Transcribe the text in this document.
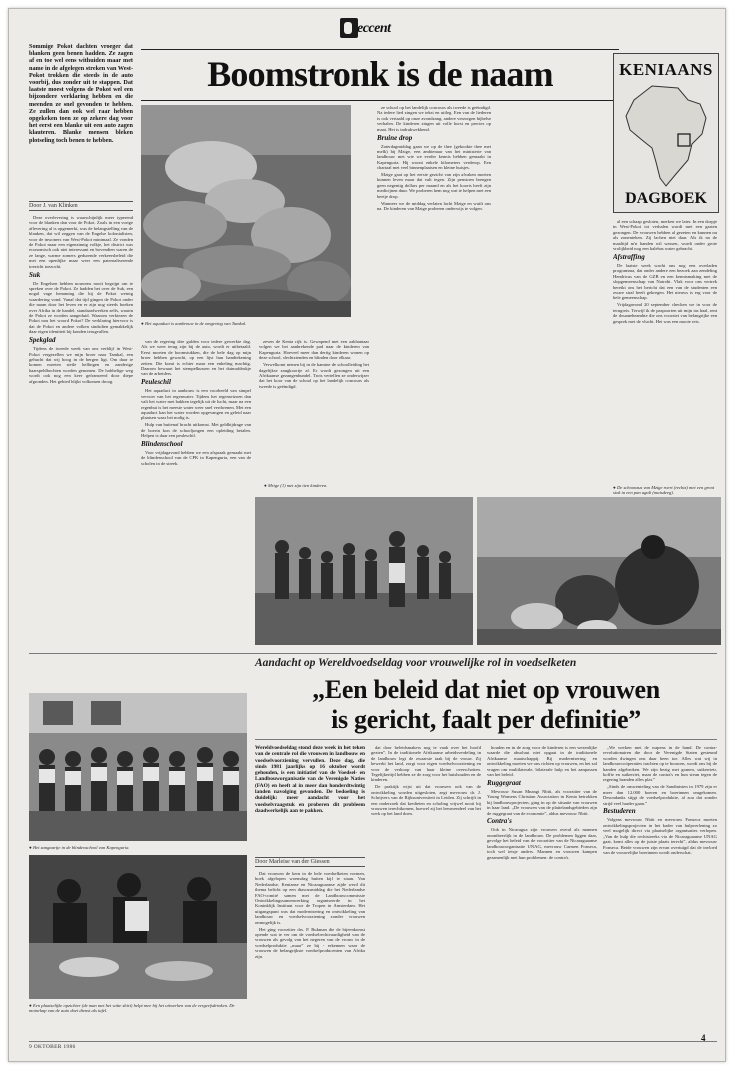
eccent
Sommige Pokot dachten vroeger dat blanken geen benen hadden. Ze zagen af en toe wel eens withuiden maar met name in de afgelegen streken van West-Pokot trokken die steeds in de auto voorbij, dus zonder uit te stappen. Dat laatste moest volgens de Pokot wel een bijzondere verklaring hebben en die meenden ze snel gevonden te hebben. Ze zullen dan ook wel raar hebben opgekeken toen ze op zekere dag voor het eerst een blanke uit een auto zagen klauteren. Blanke mensen bleken plotseling toch benen te hebben.
Door J. van Klinken

Deze overlevering is waarschijnlijk meer typerend voor de blanken dan voor de Pokot. Zoals in een vorige aflevering al is opgemerkt, was de belangstelling van de blanken, dat wil zeggen van de Engelse kolonialisten, voor de inwoners van West-Pokot minimaal. Ze vonden de Pokot maar een eigenzinnig volkje, het district was economisch ook niet interessant en bovendien waren de ze lange, warme zomers gedurende verkeersbeleid die met een openlijke maar weer een paternaliserende toezicht toezocht.

Suk

De Engelsen hebben nouwens nooit begrijpt om te spreken over de Pokot. Ze hadden het over de Suk, een nogal vage benaming die bij de Pokot weinig waardering vond. Vanaf dat tijd gingen de Pokot onder die naam door het leven en er zijn nog steeds boeken over Afrika in de handel, standaardwerken zelfs, waarin de Pokot ze worden aangeduid. Waarom verkiezen de Pokot nou het woord Pokot? De verklaring hiervoor is dat de Pokot en andere volken sindsdien gemakkelijk daar eigen identiteit bij konden terugvallen.

Spekglad

Tijdens de tweede week van ons verblijf in West-Pokot vergezellen we mijn broer naar Tamkal, een gehucht dat wij hoog in de bergen ligt. Om daar te komen moeten steile hellingen en zanderige haarspeldbochten worden genomen. De hobbelige weg wordt ook nog een keer gefranseerd door diepe afgronden. Het gebied blijkt volkomen droog.

Boomstronk is de naam
● Het aquaduct is aanbrouw in de omgeving van Tamkal.

van de regering drie gulden voor iedere gewerkte dag. Als we weer terug zijn bij de auto, wordt er uitbetaald. Eerst moeten de boomstukken, die de hele dag op mijn broer hebben gewacht, op een lijst hun handtekening zetten. Die komt is echter maar een enkeling machtig. Daarom bewaart het stempelkussen en het duimafdrukje van de arbeiders.

Peuleschil

Het aquaduct in aanbouw is een voorbeeld van simpel vervoer van het regenwater. Tijdens het regenseizoen dan valt het water met bakken tegelijk uit de lucht, maar na een regenbui is het meeste water weer snel verdwenen. Met een aquaduct kan het water worden opgevangen en geleid naar plaatsen waar het nodig is.

Hulp van buitenaf bracht uitkomst. Met geldbijdrage van de boerin kon de schooljongen een opleiding betalen. Helpen is daar een peuleschil.

Blindenschool

Voor vrijdagavond hebben we een afspraak gemaakt met de blindenschool van de CPK in Kapenguria, een van de scholen in de streek.

zeven de Kenia rijk is. Gewapend met een zakhantaar volgen we het aanbrekende pad naar de kinderen van Kapenguria. Hoeveel meer dan dertig kinderen wonen op deze school, slechtzienden en blinden door elkaar.

Verwelkomt nemen bij in de kamine de schoolleiding het dagelijkse zangkoortje af. Er wordt gezongen uit een Afrikaanse gezangenbundel. Trots vertellen ze onderwijzer dat het koor van de school op het landelijk concours als tweede is geëindigd.

● Mrige (1) met zijn tien kinderen.

ze school op het landelijk concours als tweede is geëindigd. Na iedere lied zingen we tekst en uitleg. Een van de liederen is ook vertaald op onze avondzang, andere verzorgen bijbelse verhalen. De kinderen zingen uit volle borst en precies op maat. Het is indrukwekkend.

Bruine drop

Zaterdagmiddag gaan we op de thee (gekookte thee met melk) bij Mzige, een ambtenaar van het ministerie van landbouw met wie we eerder kennis hebben gemaakt in Kapenguria. Hij woont enkele kilometers verderop. Een chartaal met veel binnenplaatsen en kleine huisjes.

Mzige gaat op het eerste gezicht van zijn afvaken moeten kunnen leven maar dat valt tegen. Zijn pensioen brengen geen negentig dollars per maand en als het koorts heeft zijn medicijnen duur. We proberen hem nog wat te helpen met een beetje drop.

Wanneer we de middag verlaten lacht Mzige en wuift ons na. De kinderen van Mzige proberen onderwijs te volgen.

KENIAANS
DAGBOEK

al een schaap gesloten, merken we later. In een dorpje in West-Pokot tot verhalen wordt met een gasten gezongen. De vrouwen hebben al gezeten en kunnen nu als zonenteken. Zij lachen niet daar. Als ik na de maaltijd m'n handen wil wassen, wordt onder grote vrolijkheid nog een kalebas water gebracht.

Afstraffing

De laatste week wacht ons nog een overladen programma, dat onder andere een bezoek aan zendeling Hendricus van de GZB en een kennismaking met de slopgemeenschap van Nairobi. Vlak voor ons vertrek bereikt ons het bericht dat een van de studenten een zware straf heeft gekregen. Het nieuws is erg voor de hele gemeenschap.

Vrijdagavond 20 september checken we in voor de terugreis. Terwijl ik de paspoorten uit mijn tas haal, rent de douanebeambte die ons voorziet van belangrijke een gesprek met de vlucht. Het was een mooie reis.

● De schoonzus van Mzige roert (rechts) met een groot stok in een pan ugali (maisdeeg).
Aandacht op Wereldvoedseldag voor vrouwelijke rol in voedselketen
„Een beleid dat niet op vrouwen
is gericht, faalt per definitie”
● Het zangaartje in de blindenschool van Kapenguria.
● Een plaatselijke opzichter (de man met het witte shirt) helpt mee bij het uitwerken van de vergeefsdrinken. De motorkap van de auto doet dienst als tafel.
Wereldvoedseldag stond deze week in het teken van de centrale rol die vrouwen in landbouw en voedselvoorziening vervullen. Deze dag, die sinds 1981 jaarlijks op 16 oktober wordt gehouden, is een initiatief van de Voedsel- en Landbouworganisatie van de Verenigde Naties (FAO) en heeft al in meer dan honderdtwintig landen navolging gevonden. De bedoeling is duidelijk: meer aandacht voor het voedselvraagstuk en proberen dit probleem daadwerkelijk aan te pakken.
Door Marleise van der Giessen

Dat vrouwen de kern in de hele voedselketen vormen, hoek afgelopen woensdag buiten kijf te staan. Van Nederlandse, Kenianse en Nicaraguaanse zijde werd dit thema belicht op een diascusmiddag die het Nederlandse FAO-comité samen met de Landbouwcommissie Ontwikkelingssamenwerking organiseerde in het Koninklijk Instituut voor de Tropen in Amsterdam. Het uitgangspunt was dat modernisering en ontwikkeling van landbouw en voedselvoorziening zonder vrouwen onmogelijk is.

Het ging voorzitter drs. P. Bukman die de bijeenkomst opende wat te ver om de voedselrechtvaardigheid van de vrouwen als gevolg van het negeren van de vrouw in de voedselproduktie „maar” ze bij - erkennen waar de vrouwen de belangrijkste voedselproducenten van Afrika zijn.

dat door beleidsmakers nog te vaak over het hoofd gezien”. In de traditionele Afrikaanse arbeidsverdeling in de landbouw legt de zwaarste taak bij de vrouw. Zij bewerkt het land, zorgt voor eigen voedselvoorziening en voor de verkoop van haar kleine overschotten. Tegelijkertijd hebben ze de zorg voor het huishouden en de kinderen.

De praktijk wijst uit dat vrouwen ook van de ontwikkeling worden uitgesloten, zegt mevrouw dr. J. Schrijvers van de Rijksuniversiteit in Leiden. Zij schrijft in een onderzoek dat kredieten en scholing vrijwel nooit bij vrouwen terechtkomen, hoewel zij het leeuwendeel van het werk op het land doen.

houden en in de zorg voor de kinderen is een wezenlijke waarde die absoluut niet opgaat in de traditionele Afrikaanse maatschappij. Bij modernisering en ontwikkeling moeten we ons richten op vrouwen, en het zal vragen om multilaterale, bilaterale hulp en het aanpassen van het beleid.

Ruggegraat

Mevrouw Susan Mnangi Nbiti, als voorzitter van de Young Womens Christian Association in Kenia betrokken bij landbouwprojecten, ging in op de situatie van vrouwen in haar land. „De vrouwen van de plattelandsgebieden zijn de ruggegraat van de economie”, aldus mevrouw Nbiti.

Contra's

Ook in Nicaragua zijn vrouwen overal als mannen onontbeerlijk in de landbouw. De problemen liggen daar, gevolge het beleid van de voorzitter van de Nicaraguaanse landbouworganisatie UNAG, mevrouw Carmen Fonseca, toch wel ietsje anders. Mannen en vrouwen kampen gezamenlijk met hun problemen: de contra's.

„We werken met de wapens in de hand. De contra-revolutionairen die door de Verenigde Staten gesteund worden dwingen ons daar heen toe. Alles wat wij in landbouwcoöperaties trachten op te bouwen, wordt ons bij de handen afgebroken. We zijn bezig met granen, suikerrietr, koffie en suikerriet, maar de contra's en hun steun tegen de regering branden alles plat.”

„Sinds de omwenteling van de Sandinisten in 1979 zijn er meer dan 12.000 boeren en boerinnen omgekomen. Desondanks stijgt de voedselproduktie, al zou dat zonder strijd veel harder gaan.”

Bestuderen

Volgens mevrouw Nbiti en mevrouw Fonseca moeten ontwikkelingsprojecten in het kader van hulpverlening zo veel mogelijk direct via plaatselijke organisaties verlopen. „Van de hulp die rechtstreeks via de Nicaraguaanse UNAG gaat, komt alles op de juiste plaats terecht”, aldus mevrouw Fonseca. Beide vrouwen zijn ervan overtuigd dat de invloed van de vrouwelijke boerinnen wordt onderschat.

9 OKTOBER 1986
4
